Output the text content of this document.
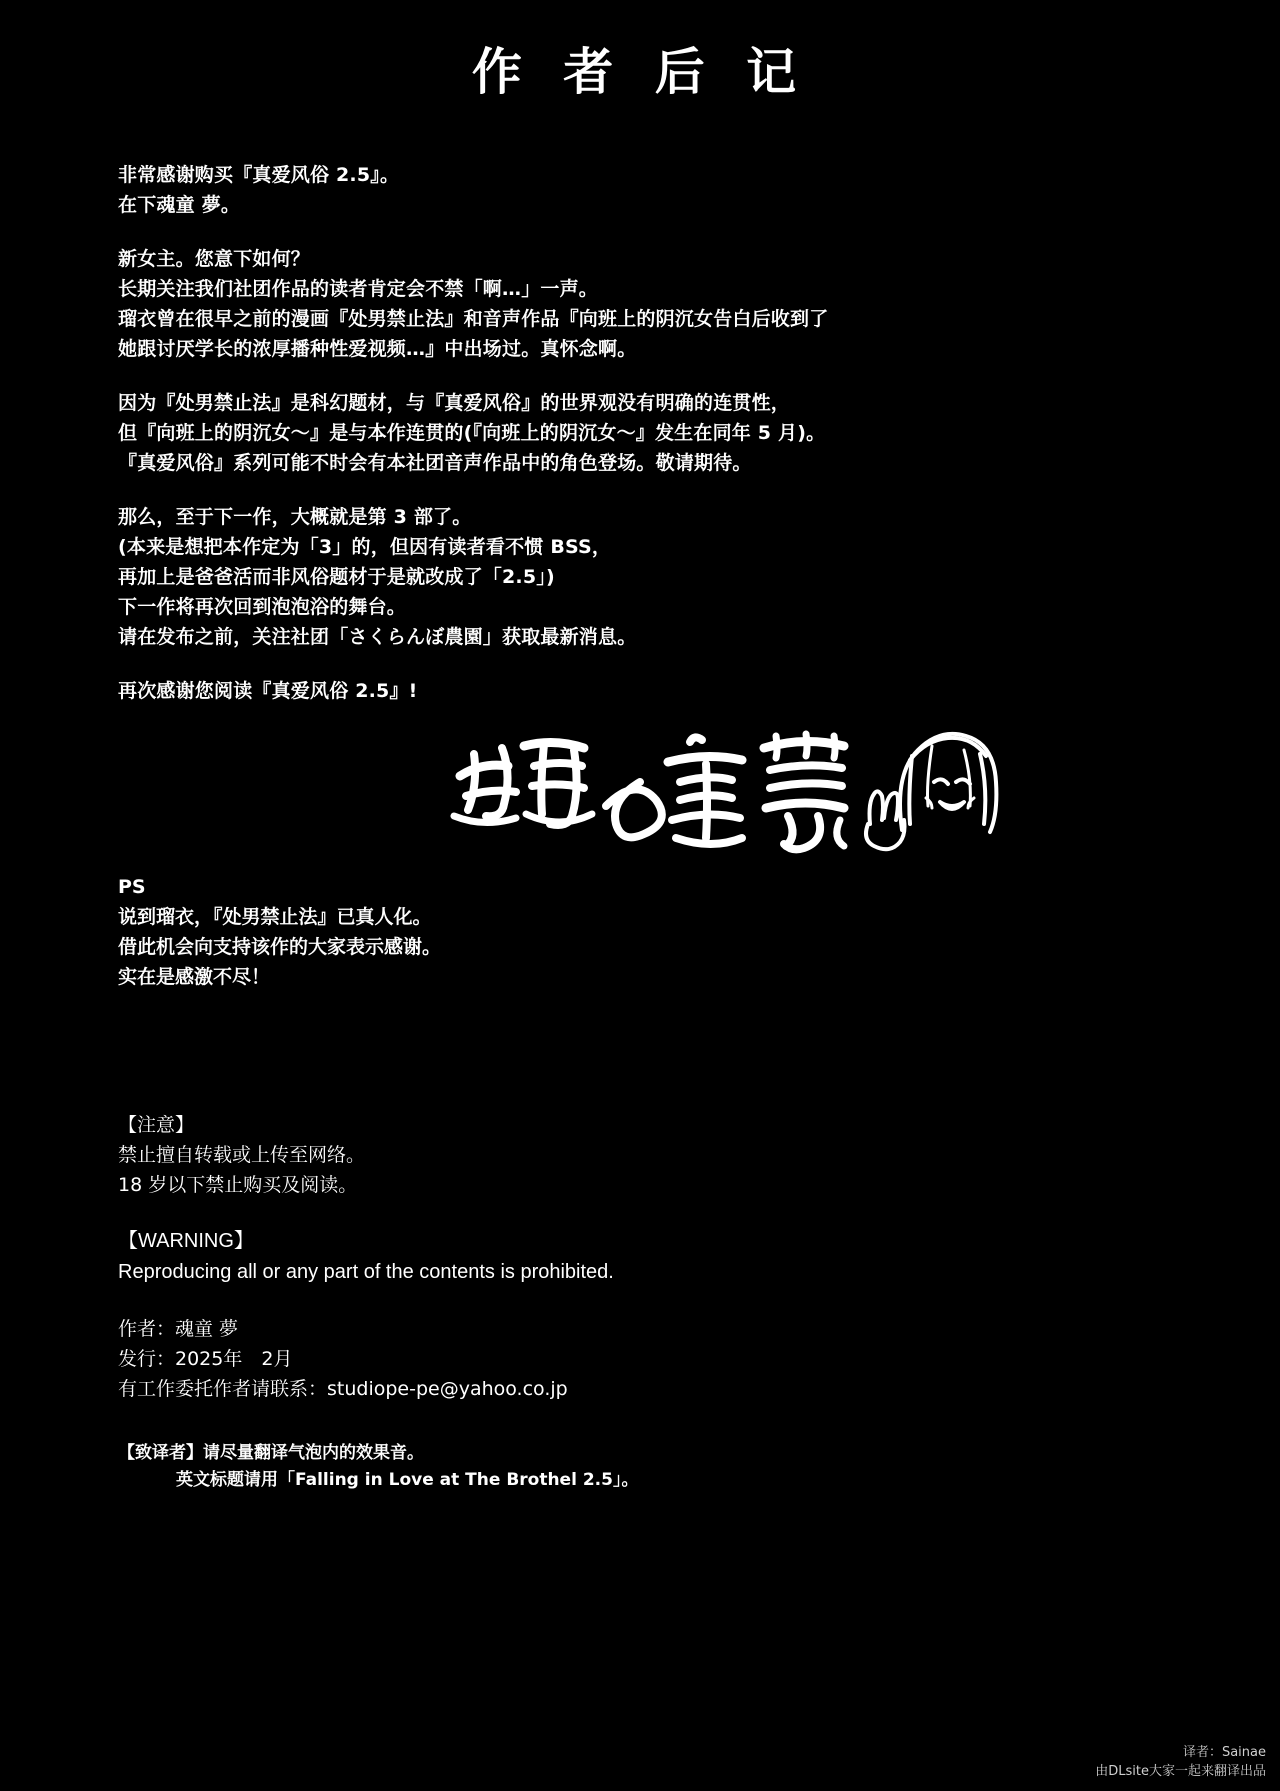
作 者 后 记
非常感谢购买『真爱风俗 2.5』。
在下魂童 夢。
新女主。您意下如何？
长期关注我们社团作品的读者肯定会不禁「啊…」一声。
瑠衣曾在很早之前的漫画『处男禁止法』和音声作品『向班上的阴沉女告白后收到了
她跟讨厌学长的浓厚播种性爱视频…』中出场过。真怀念啊。
因为『处男禁止法』是科幻题材，与『真爱风俗』的世界观没有明确的连贯性，
但『向班上的阴沉女～』是与本作连贯的(『向班上的阴沉女～』发生在同年 5 月)。
『真爱风俗』系列可能不时会有本社团音声作品中的角色登场。敬请期待。
那么，至于下一作，大概就是第 3 部了。
(本来是想把本作定为「3」的，但因有读者看不惯 BSS，
再加上是爸爸活而非风俗题材于是就改成了「2.5」)
下一作将再次回到泡泡浴的舞台。
请在发布之前，关注社团「さくらんぼ農園」获取最新消息。
再次感谢您阅读『真爱风俗 2.5』!
PS
说到瑠衣，『处男禁止法』已真人化。
借此机会向支持该作的大家表示感谢。
实在是感激不尽！
【注意】
禁止擅自转载或上传至网络。
18 岁以下禁止购买及阅读。
【WARNING】
Reproducing all or any part of the contents is prohibited.
作者：魂童 夢
发行：2025年　2月
有工作委托作者请联系：studiope-pe@yahoo.co.jp
【致译者】请尽量翻译气泡内的效果音。
英文标题请用「Falling in Love at The Brothel 2.5」。
译者：Sainae
由DLsite大家一起来翻译出品
